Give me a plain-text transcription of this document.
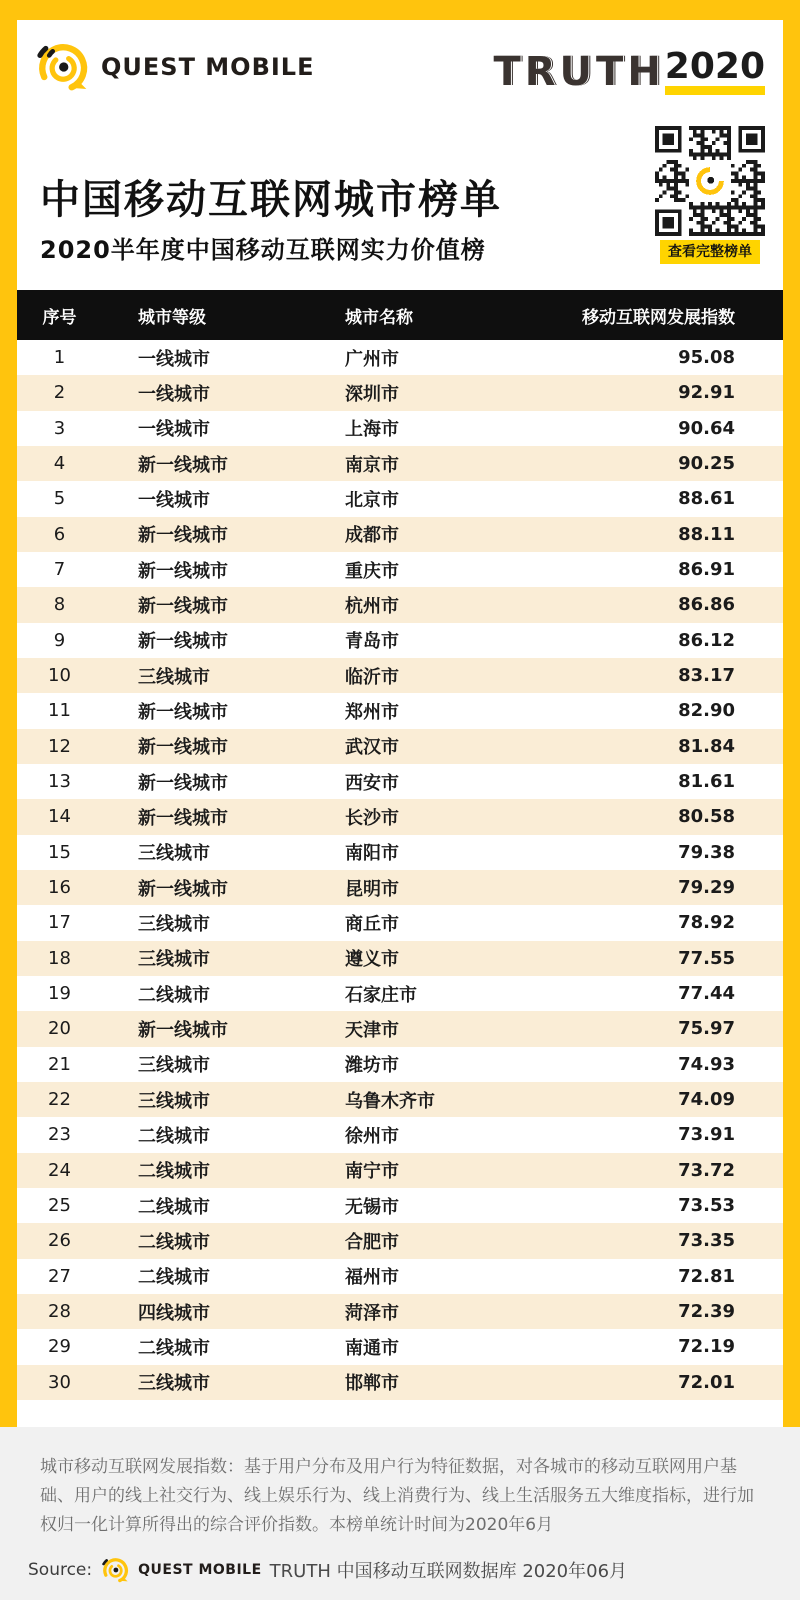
QUEST MOBILE	TRUTH 2020
中国移动互联网城市榜单
2020半年度中国移动互联网实力价值榜	查看完整榜单
序号	城市等级	城市名称	移动互联网发展指数
1	一线城市	广州市	95.08
2	一线城市	深圳市	92.91
3	一线城市	上海市	90.64
4	新一线城市	南京市	90.25
5	一线城市	北京市	88.61
6	新一线城市	成都市	88.11
7	新一线城市	重庆市	86.91
8	新一线城市	杭州市	86.86
9	新一线城市	青岛市	86.12
10	三线城市	临沂市	83.17
11	新一线城市	郑州市	82.90
12	新一线城市	武汉市	81.84
13	新一线城市	西安市	81.61
14	新一线城市	长沙市	80.58
15	三线城市	南阳市	79.38
16	新一线城市	昆明市	79.29
17	三线城市	商丘市	78.92
18	三线城市	遵义市	77.55
19	二线城市	石家庄市	77.44
20	新一线城市	天津市	75.97
21	三线城市	潍坊市	74.93
22	三线城市	乌鲁木齐市	74.09
23	二线城市	徐州市	73.91
24	二线城市	南宁市	73.72
25	二线城市	无锡市	73.53
26	二线城市	合肥市	73.35
27	二线城市	福州市	72.81
28	四线城市	菏泽市	72.39
29	二线城市	南通市	72.19
30	三线城市	邯郸市	72.01

城市移动互联网发展指数：基于用户分布及用户行为特征数据，对各城市的移动互联网用户基础、用户的线上社交行为、线上娱乐行为、线上消费行为、线上生活服务五大维度指标，进行加权归一化计算所得出的综合评价指数。本榜单统计时间为2020年6月

Source:	QUEST MOBILE TRUTH 中国移动互联网数据库 2020年06月
